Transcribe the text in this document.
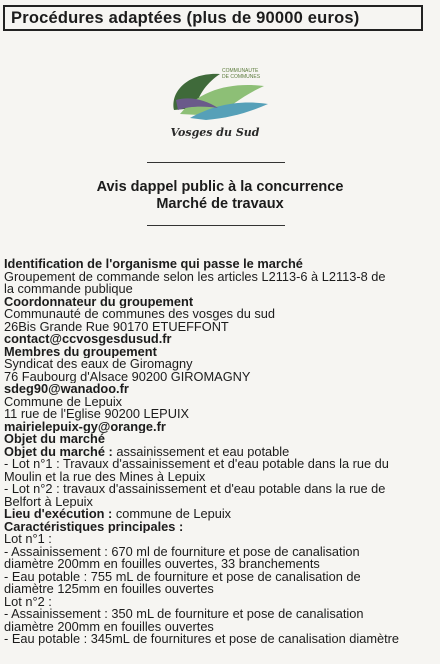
Procédures adaptées (plus de 90000 euros)
COMMUNAUTE
DE COMMUNES
Vosges du Sud
Avis dappel public à la concurrence
Marché de travaux
Identification de l'organisme qui passe le marché
Groupement de commande selon les articles L2113-6 à L2113-8 de
la commande publique
Coordonnateur du groupement
Communauté de communes des vosges du sud
26Bis Grande Rue 90170 ETUEFFONT
contact@ccvosgesdusud.fr
Membres du groupement
Syndicat des eaux de Giromagny
76 Faubourg d'Alsace 90200 GIROMAGNY
sdeg90@wanadoo.fr
Commune de Lepuix
11 rue de l'Eglise 90200 LEPUIX
mairielepuix-gy@orange.fr
Objet du marché
Objet du marché : assainissement et eau potable
- Lot n°1 : Travaux d'assainissement et d'eau potable dans la rue du
Moulin et la rue des Mines à Lepuix
- Lot n°2 : travaux d'assainissement et d'eau potable dans la rue de
Belfort à Lepuix
Lieu d'exécution : commune de Lepuix
Caractéristiques principales :
Lot n°1 :
- Assainissement : 670 ml de fourniture et pose de canalisation
diamètre 200mm en fouilles ouvertes, 33 branchements
- Eau potable : 755 mL de fourniture et pose de canalisation de
diamètre 125mm en fouilles ouvertes
Lot n°2 :
- Assainissement : 350 mL de fourniture et pose de canalisation
diamètre 200mm en fouilles ouvertes
- Eau potable : 345mL de fournitures et pose de canalisation diamètre
